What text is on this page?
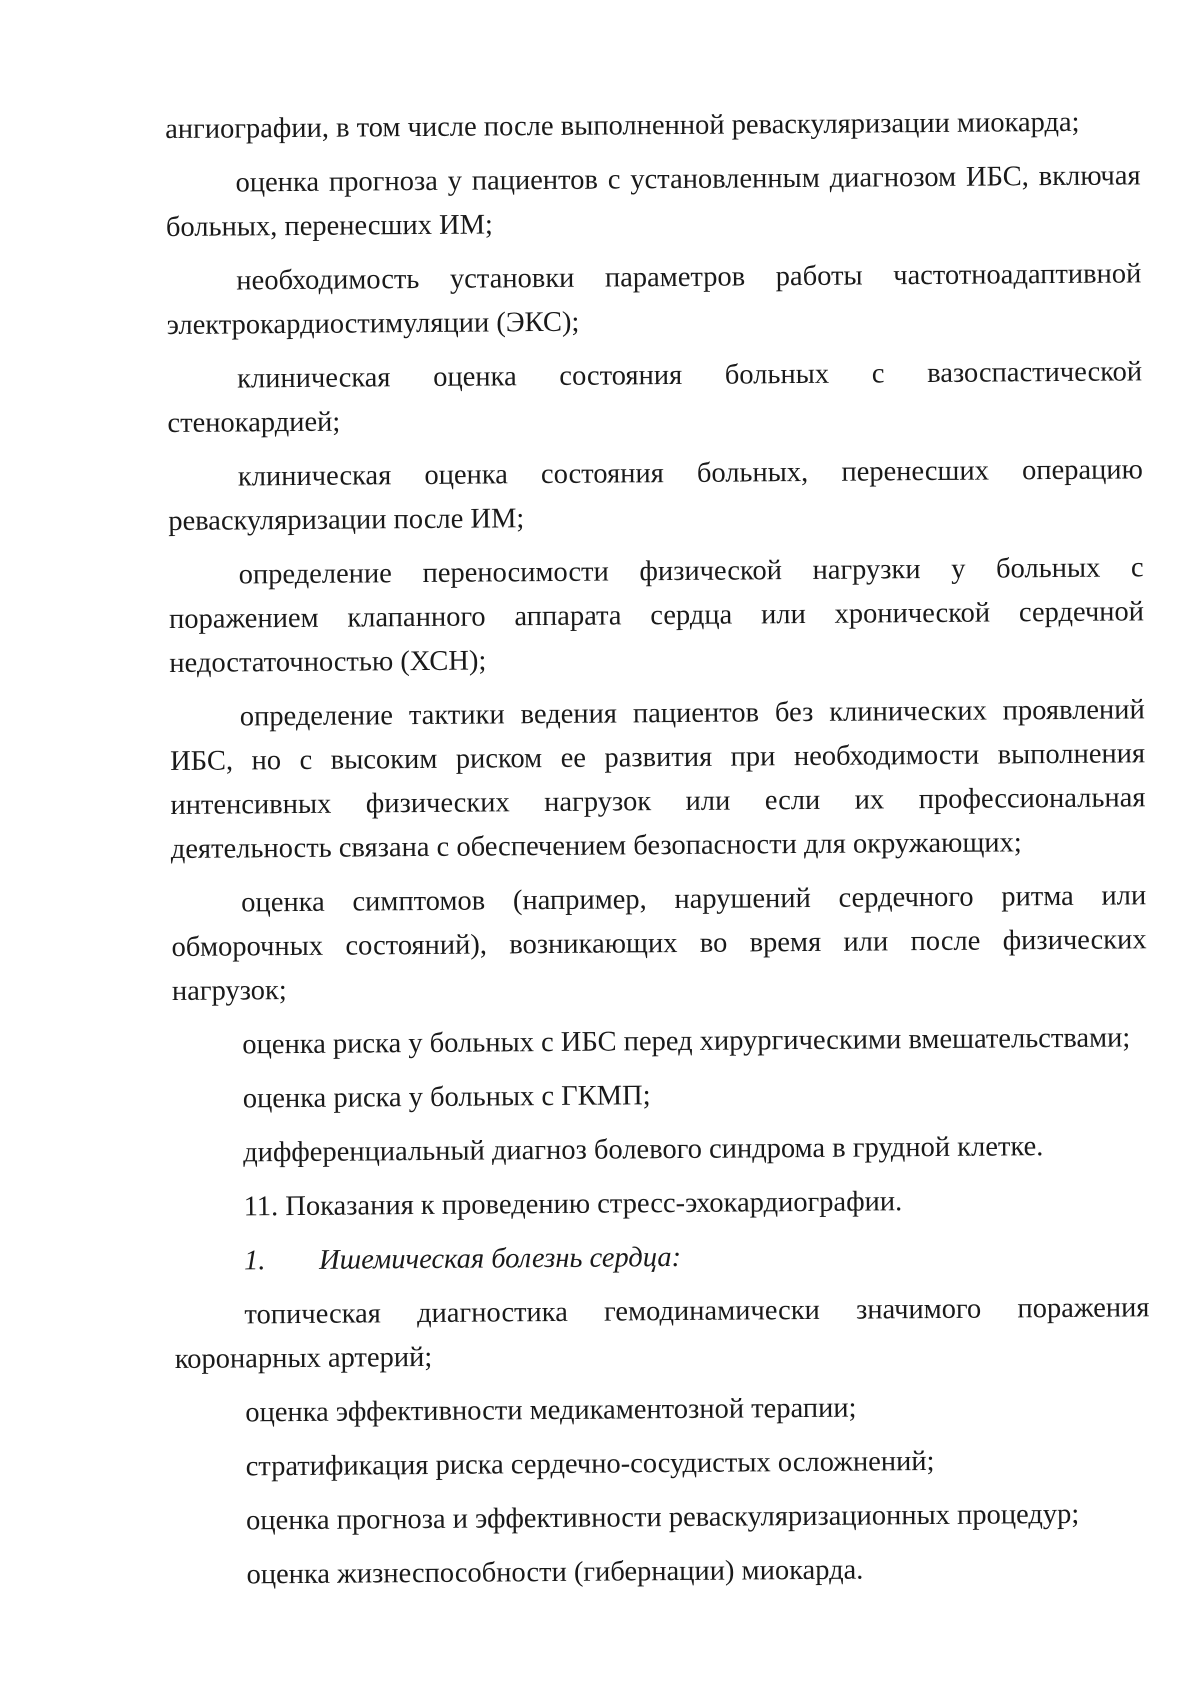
ангиографии, в том числе после выполненной реваскуляризации миокарда;

оценка прогноза у пациентов с установленным диагнозом ИБС, включая больных, перенесших ИМ;

необходимость установки параметров работы частотноадаптивной электрокардиостимуляции (ЭКС);

клиническая оценка состояния больных с вазоспастической стенокардией;

клиническая оценка состояния больных, перенесших операцию реваскуляризации после ИМ;

определение переносимости физической нагрузки у больных с поражением клапанного аппарата сердца или хронической сердечной недостаточностью (ХСН);

определение тактики ведения пациентов без клинических проявлений ИБС, но с высоким риском ее развития при необходимости выполнения интенсивных физических нагрузок или если их профессиональная деятельность связана с обеспечением безопасности для окружающих;

оценка симптомов (например, нарушений сердечного ритма или обморочных состояний), возникающих во время или после физических нагрузок;

оценка риска у больных с ИБС перед хирургическими вмешательствами;

оценка риска у больных с ГКМП;

дифференциальный диагноз болевого синдрома в грудной клетке.

11. Показания к проведению стресс-эхокардиографии.

1. Ишемическая болезнь сердца:

топическая диагностика гемодинамически значимого поражения коронарных артерий;

оценка эффективности медикаментозной терапии;

стратификация риска сердечно-сосудистых осложнений;

оценка прогноза и эффективности реваскуляризационных процедур;

оценка жизнеспособности (гибернации) миокарда.
